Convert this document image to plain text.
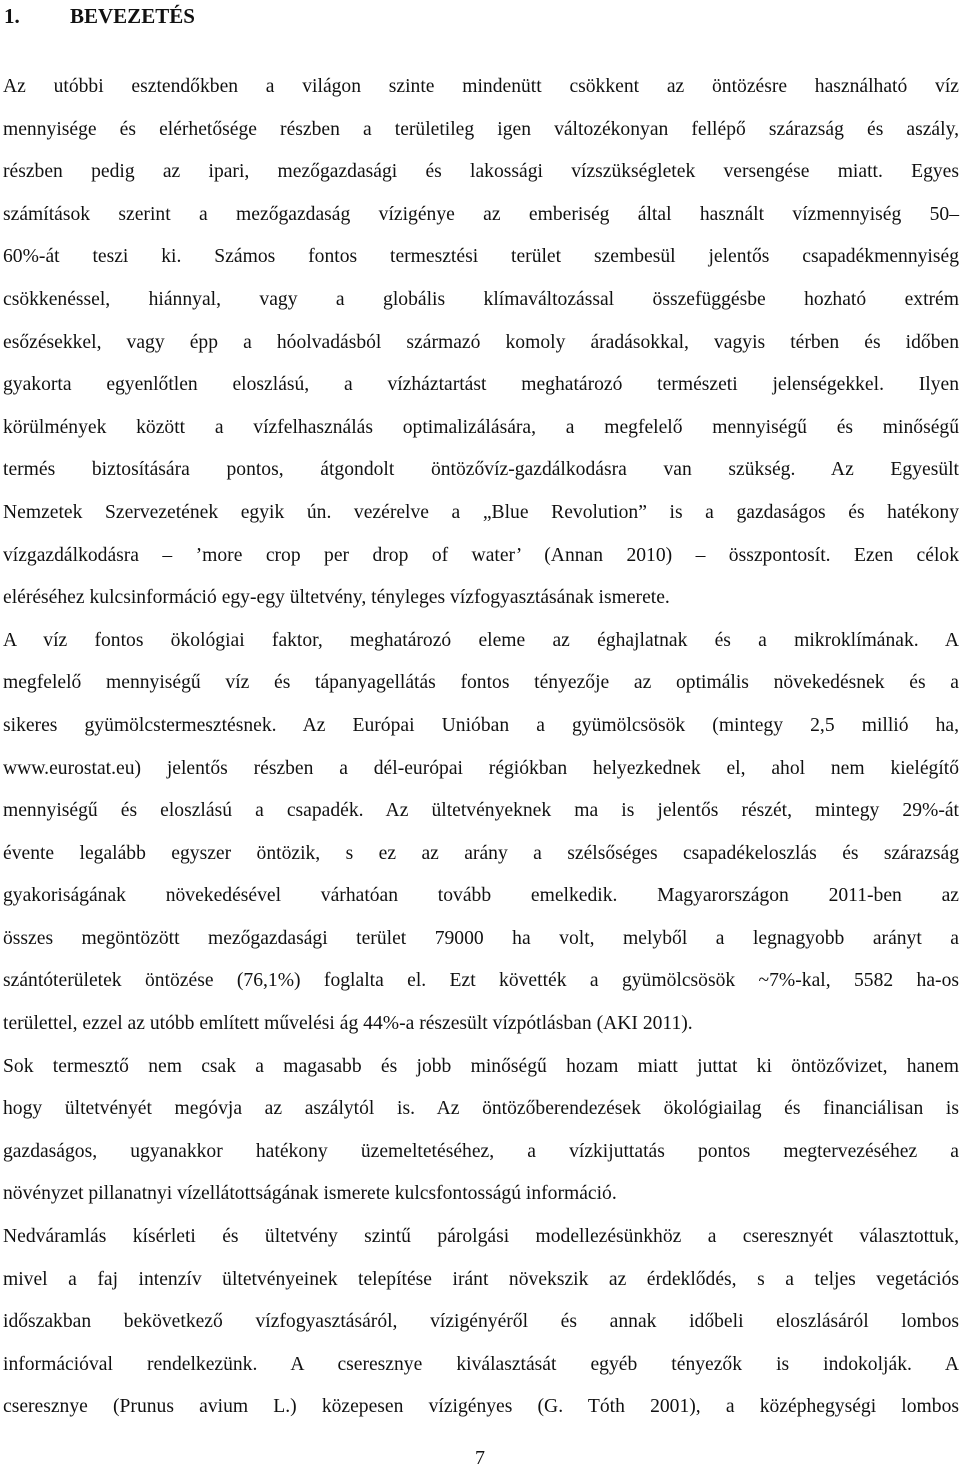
1. BEVEZETÉS
Az utóbbi esztendőkben a világon szinte mindenütt csökkent az öntözésre használható víz
mennyisége és elérhetősége részben a területileg igen változékonyan fellépő szárazság és aszály,
részben pedig az ipari, mezőgazdasági és lakossági vízszükségletek versengése miatt. Egyes
számítások szerint a mezőgazdaság vízigénye az emberiség által használt vízmennyiség 50–
60%-át teszi ki. Számos fontos termesztési terület szembesül jelentős csapadékmennyiség
csökkenéssel, hiánnyal, vagy a globális klímaváltozással összefüggésbe hozható extrém
esőzésekkel, vagy épp a hóolvadásból származó komoly áradásokkal, vagyis térben és időben
gyakorta egyenlőtlen eloszlású, a vízháztartást meghatározó természeti jelenségekkel. Ilyen
körülmények között a vízfelhasználás optimalizálására, a megfelelő mennyiségű és minőségű
termés biztosítására pontos, átgondolt öntözővíz-gazdálkodásra van szükség. Az Egyesült
Nemzetek Szervezetének egyik ún. vezérelve a „Blue Revolution” is a gazdaságos és hatékony
vízgazdálkodásra – ’more crop per drop of water’ (Annan 2010) – összpontosít. Ezen célok
eléréséhez kulcsinformáció egy-egy ültetvény, tényleges vízfogyasztásának ismerete.
A víz fontos ökológiai faktor, meghatározó eleme az éghajlatnak és a mikroklímának. A
megfelelő mennyiségű víz és tápanyagellátás fontos tényezője az optimális növekedésnek és a
sikeres gyümölcstermesztésnek. Az Európai Unióban a gyümölcsösök (mintegy 2,5 millió ha,
www.eurostat.eu) jelentős részben a dél-európai régiókban helyezkednek el, ahol nem kielégítő
mennyiségű és eloszlású a csapadék. Az ültetvényeknek ma is jelentős részét, mintegy 29%-át
évente legalább egyszer öntözik, s ez az arány a szélsőséges csapadékeloszlás és szárazság
gyakoriságának növekedésével várhatóan tovább emelkedik. Magyarországon 2011-ben az
összes megöntözött mezőgazdasági terület 79000 ha volt, melyből a legnagyobb arányt a
szántóterületek öntözése (76,1%) foglalta el. Ezt követték a gyümölcsösök ~7%-kal, 5582 ha-os
területtel, ezzel az utóbb említett művelési ág 44%-a részesült vízpótlásban (AKI 2011).
Sok termesztő nem csak a magasabb és jobb minőségű hozam miatt juttat ki öntözővizet, hanem
hogy ültetvényét megóvja az aszálytól is. Az öntözőberendezések ökológiailag és financiálisan is
gazdaságos, ugyanakkor hatékony üzemeltetéséhez, a vízkijuttatás pontos megtervezéséhez a
növényzet pillanatnyi vízellátottságának ismerete kulcsfontosságú információ.
Nedváramlás kísérleti és ültetvény szintű párolgási modellezésünkhöz a cseresznyét választottuk,
mivel a faj intenzív ültetvényeinek telepítése iránt növekszik az érdeklődés, s a teljes vegetációs
időszakban bekövetkező vízfogyasztásáról, vízigényéről és annak időbeli eloszlásáról lombos
információval rendelkezünk. A cseresznye kiválasztását egyéb tényezők is indokolják. A
cseresznye (Prunus avium L.) közepesen vízigényes (G. Tóth 2001), a középhegységi lombos
7
